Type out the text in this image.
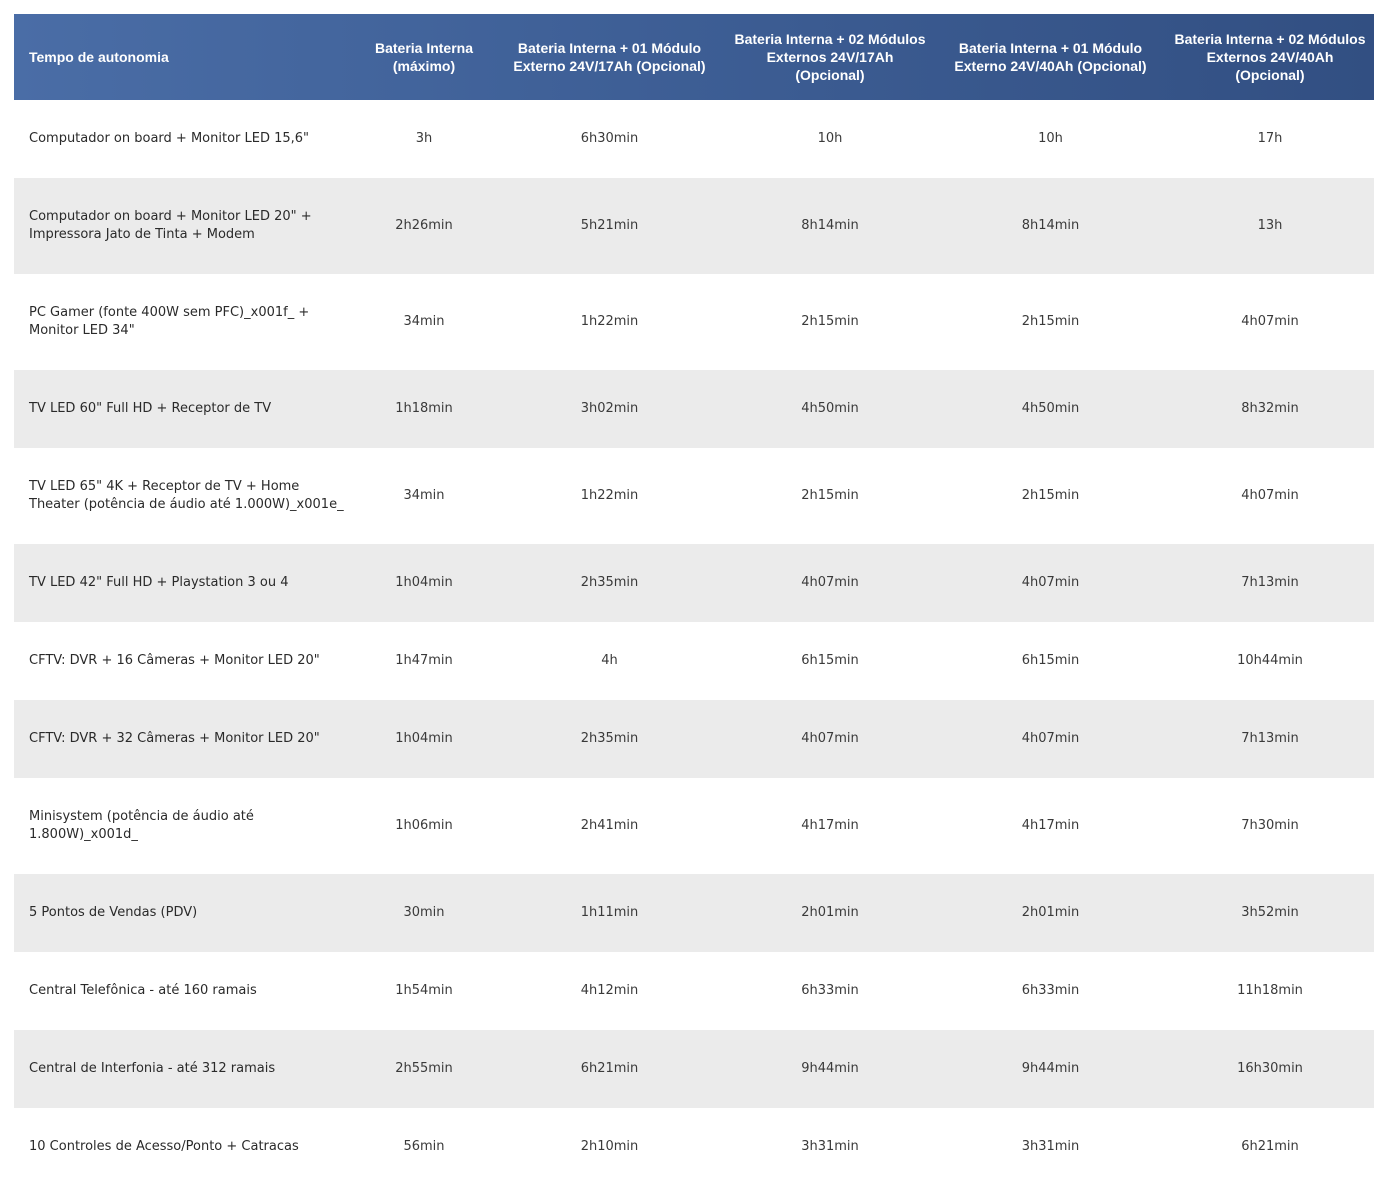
Tempo de autonomia	Bateria Interna (máximo)	Bateria Interna + 01 Módulo Externo 24V/17Ah (Opcional)	Bateria Interna + 02 Módulos Externos 24V/17Ah (Opcional)	Bateria Interna + 01 Módulo Externo 24V/40Ah (Opcional)	Bateria Interna + 02 Módulos Externos 24V/40Ah (Opcional)
Computador on board + Monitor LED 15,6"	3h	6h30min	10h	10h	17h
Computador on board + Monitor LED 20" + Impressora Jato de Tinta + Modem	2h26min	5h21min	8h14min	8h14min	13h
PC Gamer (fonte 400W sem PFC)_x001f_ + Monitor LED 34"	34min	1h22min	2h15min	2h15min	4h07min
TV LED 60" Full HD + Receptor de TV	1h18min	3h02min	4h50min	4h50min	8h32min
TV LED 65" 4K + Receptor de TV + Home Theater (potência de áudio até 1.000W)_x001e_	34min	1h22min	2h15min	2h15min	4h07min
TV LED 42" Full HD + Playstation 3 ou 4	1h04min	2h35min	4h07min	4h07min	7h13min
CFTV: DVR + 16 Câmeras + Monitor LED 20"	1h47min	4h	6h15min	6h15min	10h44min
CFTV: DVR + 32 Câmeras + Monitor LED 20"	1h04min	2h35min	4h07min	4h07min	7h13min
Minisystem (potência de áudio até 1.800W)_x001d_	1h06min	2h41min	4h17min	4h17min	7h30min
5 Pontos de Vendas (PDV)	30min	1h11min	2h01min	2h01min	3h52min
Central Telefônica - até 160 ramais	1h54min	4h12min	6h33min	6h33min	11h18min
Central de Interfonia - até 312 ramais	2h55min	6h21min	9h44min	9h44min	16h30min
10 Controles de Acesso/Ponto + Catracas	56min	2h10min	3h31min	3h31min	6h21min
